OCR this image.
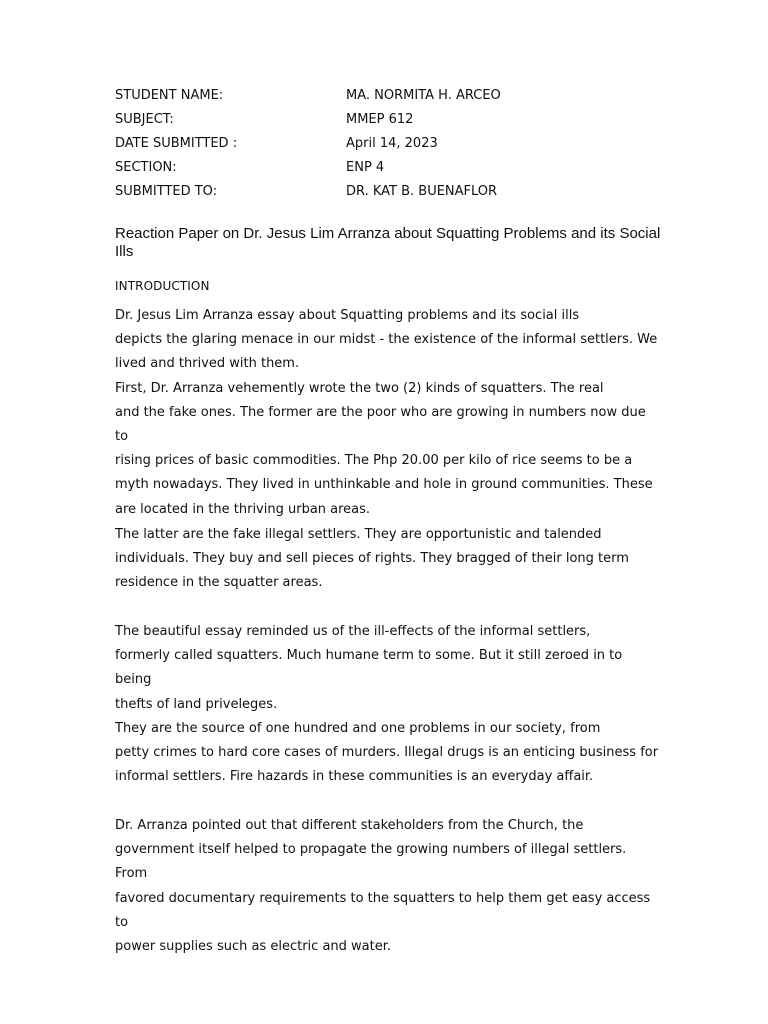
STUDENT NAME:	MA. NORMITA H. ARCEO
SUBJECT:	MMEP 612
DATE SUBMITTED :	April 14, 2023
SECTION:	ENP 4
SUBMITTED TO:	DR. KAT B. BUENAFLOR
Reaction Paper on Dr. Jesus Lim Arranza about Squatting Problems and its Social Ills
INTRODUCTION

Dr. Jesus Lim Arranza essay about Squatting problems and its social ills
depicts the glaring menace in our midst - the existence of the informal settlers. We
lived and thrived with them.
First, Dr. Arranza vehemently wrote the two (2) kinds of squatters. The real
and the fake ones. The former are the poor who are growing in numbers now due to
rising prices of basic commodities. The Php 20.00 per kilo of rice seems to be a
myth nowadays. They lived in unthinkable and hole in ground communities. These
are located in the thriving urban areas.

The latter are the fake illegal settlers. They are opportunistic and talended
individuals. They buy and sell pieces of rights. They bragged of their long term
residence in the squatter areas.

The beautiful essay reminded us of the ill-effects of the informal settlers,
formerly called squatters. Much humane term to some. But it still zeroed in to being
thefts of land priveleges.

They are the source of one hundred and one problems in our society, from
petty crimes to hard core cases of murders. Illegal drugs is an enticing business for
informal settlers. Fire hazards in these communities is an everyday affair.

Dr. Arranza pointed out that different stakeholders from the Church, the
government itself helped to propagate the growing numbers of illegal settlers. From
favored documentary requirements to the squatters to help them get easy access to
power supplies such as electric and water.
